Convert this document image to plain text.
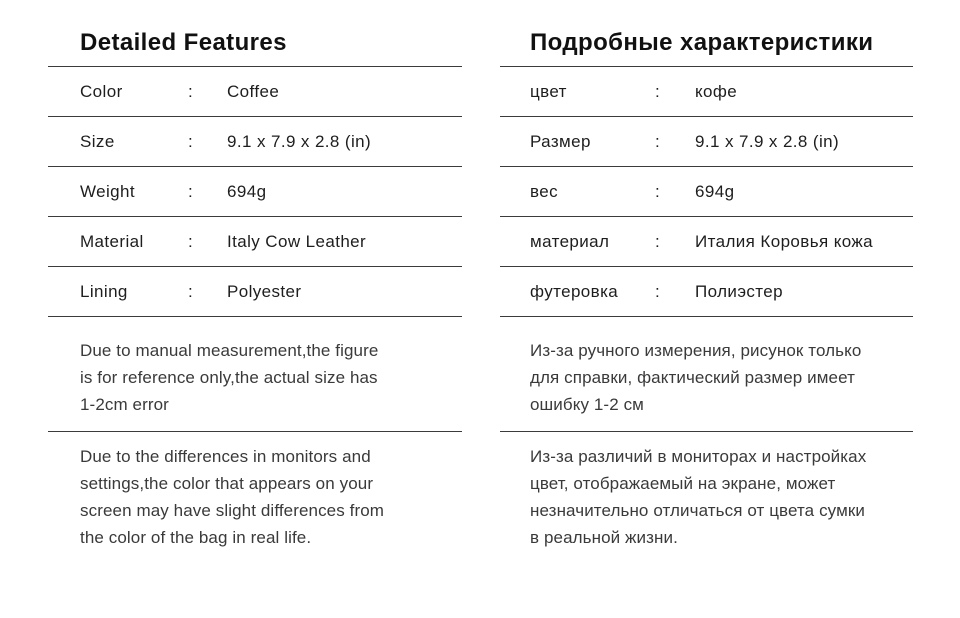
Detailed Features
Color	:	Coffee
Size	:	9.1 x 7.9 x 2.8 (in)
Weight	:	694g
Material	:	Italy Cow Leather
Lining	:	Polyester
Due to manual measurement,the figure
is for reference only,the actual size has
1-2cm error
Due to the differences in monitors and
settings,the color that appears on your
screen may have slight differences from
the color of the bag in real life.
Подробные характеристики
цвет	:	кофе
Размер	:	9.1 x 7.9 x 2.8 (in)
вес	:	694g
материал	:	Италия Коровья кожа
футеровка	:	Полиэстер
Из-за ручного измерения, рисунок только
для справки, фактический размер имеет
ошибку 1-2 см
Из-за различий в мониторах и настройках
цвет, отображаемый на экране, может
незначительно отличаться от цвета сумки
в реальной жизни.
